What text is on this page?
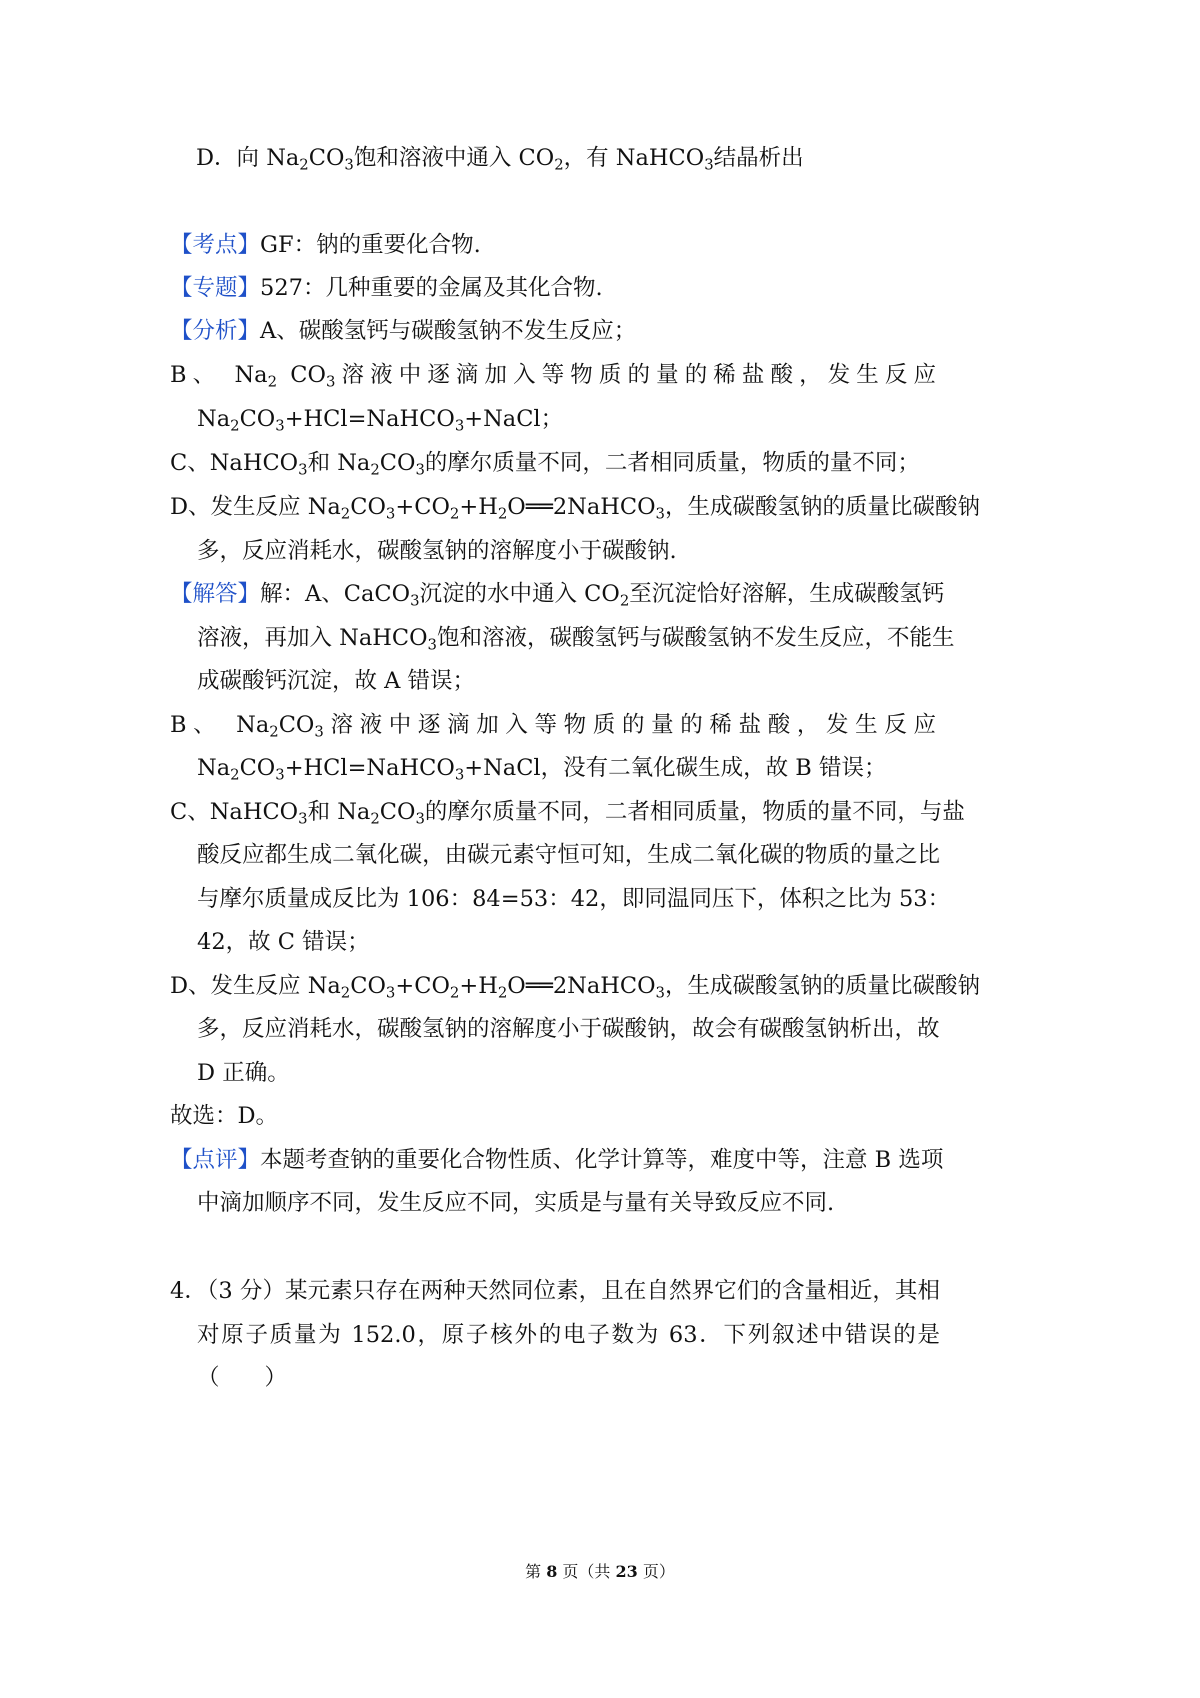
D．向 $Na_2CO_3$饱和溶液中通入 $CO_2$，有 NaHCO$_3$结晶析出
【考点】GF：钠的重要化合物.
【专题】527：几种重要的金属及其化合物.
【分析】A、碳酸氢钙与碳酸氢钠不发生反应；
B、 $Na_2$ $CO_3$溶液中逐滴加入等物质的量的稀盐酸，发生反应
$Na_2CO_3+HCl=NaHCO_3+NaCl$；
C、NaHCO$_3$和 $Na_2CO_3$的摩尔质量不同，二者相同质量，物质的量不同；
D、发生反应 $Na_2CO_3+CO_2+H_2O══2NaHCO_3$，生成碳酸氢钠的质量比碳酸钠
多，反应消耗水，碳酸氢钠的溶解度小于碳酸钠.
【解答】解：A、CaCO$_3$沉淀的水中通入 $CO_2$至沉淀恰好溶解，生成碳酸氢钙
溶液，再加入 NaHCO$_3$饱和溶液，碳酸氢钙与碳酸氢钠不发生反应，不能生
成碳酸钙沉淀，故 A 错误；
B、 $Na_2CO_3$溶液中逐滴加入等物质的量的稀盐酸，发生反应
$Na_2CO_3+HCl=NaHCO_3+NaCl$，没有二氧化碳生成，故 B 错误；
C、NaHCO$_3$和 $Na_2CO_3$的摩尔质量不同，二者相同质量，物质的量不同，与盐
酸反应都生成二氧化碳，由碳元素守恒可知，生成二氧化碳的物质的量之比
与摩尔质量成反比为 106：84=53：42，即同温同压下，体积之比为 53：
42，故 C 错误；
D、发生反应 $Na_2CO_3+CO_2+H_2O══2NaHCO_3$，生成碳酸氢钠的质量比碳酸钠
多，反应消耗水，碳酸氢钠的溶解度小于碳酸钠，故会有碳酸氢钠析出，故
D 正确。
故选：D。
【点评】本题考查钠的重要化合物性质、化学计算等，难度中等，注意 B 选项
中滴加顺序不同，发生反应不同，实质是与量有关导致反应不同.
4．（3 分）某元素只存在两种天然同位素，且在自然界它们的含量相近，其相
对原子质量为 152.0，原子核外的电子数为 63．下列叙述中错误的是
（　　）
第 8 页（共 23 页）
